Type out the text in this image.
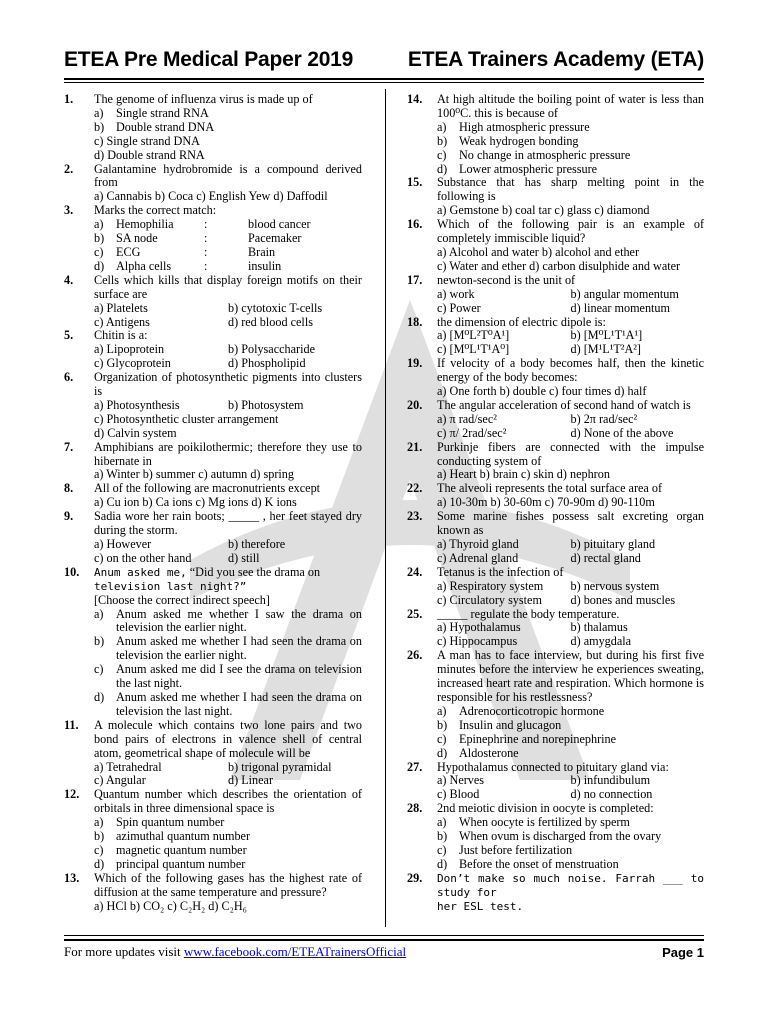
ETEA Pre Medical Paper 2019	ETEA Trainers Academy (ETA)
1.	The genome of influenza virus is made up of
a)	Single strand RNA
b) Double strand DNA
c) Single strand DNA
d) Double strand RNA
2.	Galantamine hydrobromide is a compound derived from
a) Cannabis b) Coca c) English Yew d) Daffodil
3.	Marks the correct match:
a)	Hemophilia	:	blood cancer
b) SA node	:	Pacemaker
c)	ECG	:	Brain
d) Alpha cells	:	insulin
4.	Cells which kills that display foreign motifs on their surface are
a) Platelets	b) cytotoxic T-cells
c) Antigens	d) red blood cells
5.	Chitin is a:
a) Lipoprotein	b) Polysaccharide
c) Glycoprotein	d) Phospholipid
6.	Organization of photosynthetic pigments into clusters is
a) Photosynthesis	b) Photosystem
c) Photosynthetic cluster arrangement
d) Calvin system
7.	Amphibians are poikilothermic; therefore they use to hibernate in
a) Winter b) summer c) autumn d) spring
8.	All of the following are macronutrients except
a) Cu ion b) Ca ions c) Mg ions d) K ions
9.	Sadia wore her rain boots; _____ , her feet stayed dry during the storm.
a) However	b) therefore
c) on the other hand	d) still
10.	Anum asked me, “Did you see the drama on
television last night?”
[Choose the correct indirect speech]
a)	Anum asked me whether I saw the drama on television the earlier night.
b) Anum asked me whether I had seen the drama on television the earlier night.
c)	Anum asked me did I see the drama on television the last night.
d) Anum asked me whether I had seen the drama on television the last night.
11.	A molecule which contains two lone pairs and two bond pairs of electrons in valence shell of central atom, geometrical shape of molecule will be
a) Tetrahedral	b) trigonal pyramidal
c) Angular	d) Linear
12.	Quantum number which describes the orientation of orbitals in three dimensional space is
a)	Spin quantum number
b) azimuthal quantum number
c)	magnetic quantum number
d) principal quantum number
13.	Which of the following gases has the highest rate of diffusion at the same temperature and pressure?
a) HCl b) CO₂ c) C₂H₂ d) C₂H₆
14.	At high altitude the boiling point of water is less than 100⁰C. this is because of
a)	High atmospheric pressure
b) Weak hydrogen bonding
c)	No change in atmospheric pressure
d) Lower atmospheric pressure
15.	Substance that has sharp melting point in the following is
a) Gemstone b) coal tar c) glass c) diamond
16.	Which of the following pair is an example of completely immiscible liquid?
a) Alcohol and water b) alcohol and ether
c) Water and ether d) carbon disulphide and water
17.	newton-second is the unit of
a) work	b) angular momentum
c) Power	d) linear momentum
18.	the dimension of electric dipole is:
a) [M⁰L²T⁰A¹]	b) [M⁰L¹T¹A¹]
c) [M⁰L¹T¹A⁰]	d) [M¹L¹T²A²]
19.	If velocity of a body becomes half, then the kinetic energy of the body becomes:
a) One forth b) double c) four times d) half
20.	The angular acceleration of second hand of watch is
a) π rad/sec²	b) 2π rad/sec²
c) π/ 2rad/sec²	d) None of the above
21.	Purkinje fibers are connected with the impulse conducting system of
a) Heart b) brain c) skin d) nephron
22.	The alveoli represents the total surface area of
a) 10-30m b) 30-60m c) 70-90m d) 90-110m
23.	Some marine fishes possess salt excreting organ known as
a) Thyroid gland	b) pituitary gland
c) Adrenal gland	d) rectal gland
24.	Tetanus is the infection of
a) Respiratory system	b) nervous system
c) Circulatory system	d) bones and muscles
25.	_____ regulate the body temperature.
a) Hypothalamus	b) thalamus
c) Hippocampus	d) amygdala
26.	A man has to face interview, but during his first five minutes before the interview he experiences sweating, increased heart rate and respiration. Which hormone is responsible for his restlessness?
a)	Adrenocorticotropic hormone
b) Insulin and glucagon
c)	Epinephrine and norepinephrine
d) Aldosterone
27.	Hypothalamus connected to pituitary gland via:
a) Nerves	b) infundibulum
c) Blood	d) no connection
28.	2nd meiotic division in oocyte is completed:
a)	When oocyte is fertilized by sperm
b) When ovum is discharged from the ovary
c)	Just before fertilization
d) Before the onset of menstruation
29.	Don’t make so much noise. Farrah ___ to study for
her ESL test.
For more updates visit www.facebook.com/ETEATrainersOfficial	Page 1
